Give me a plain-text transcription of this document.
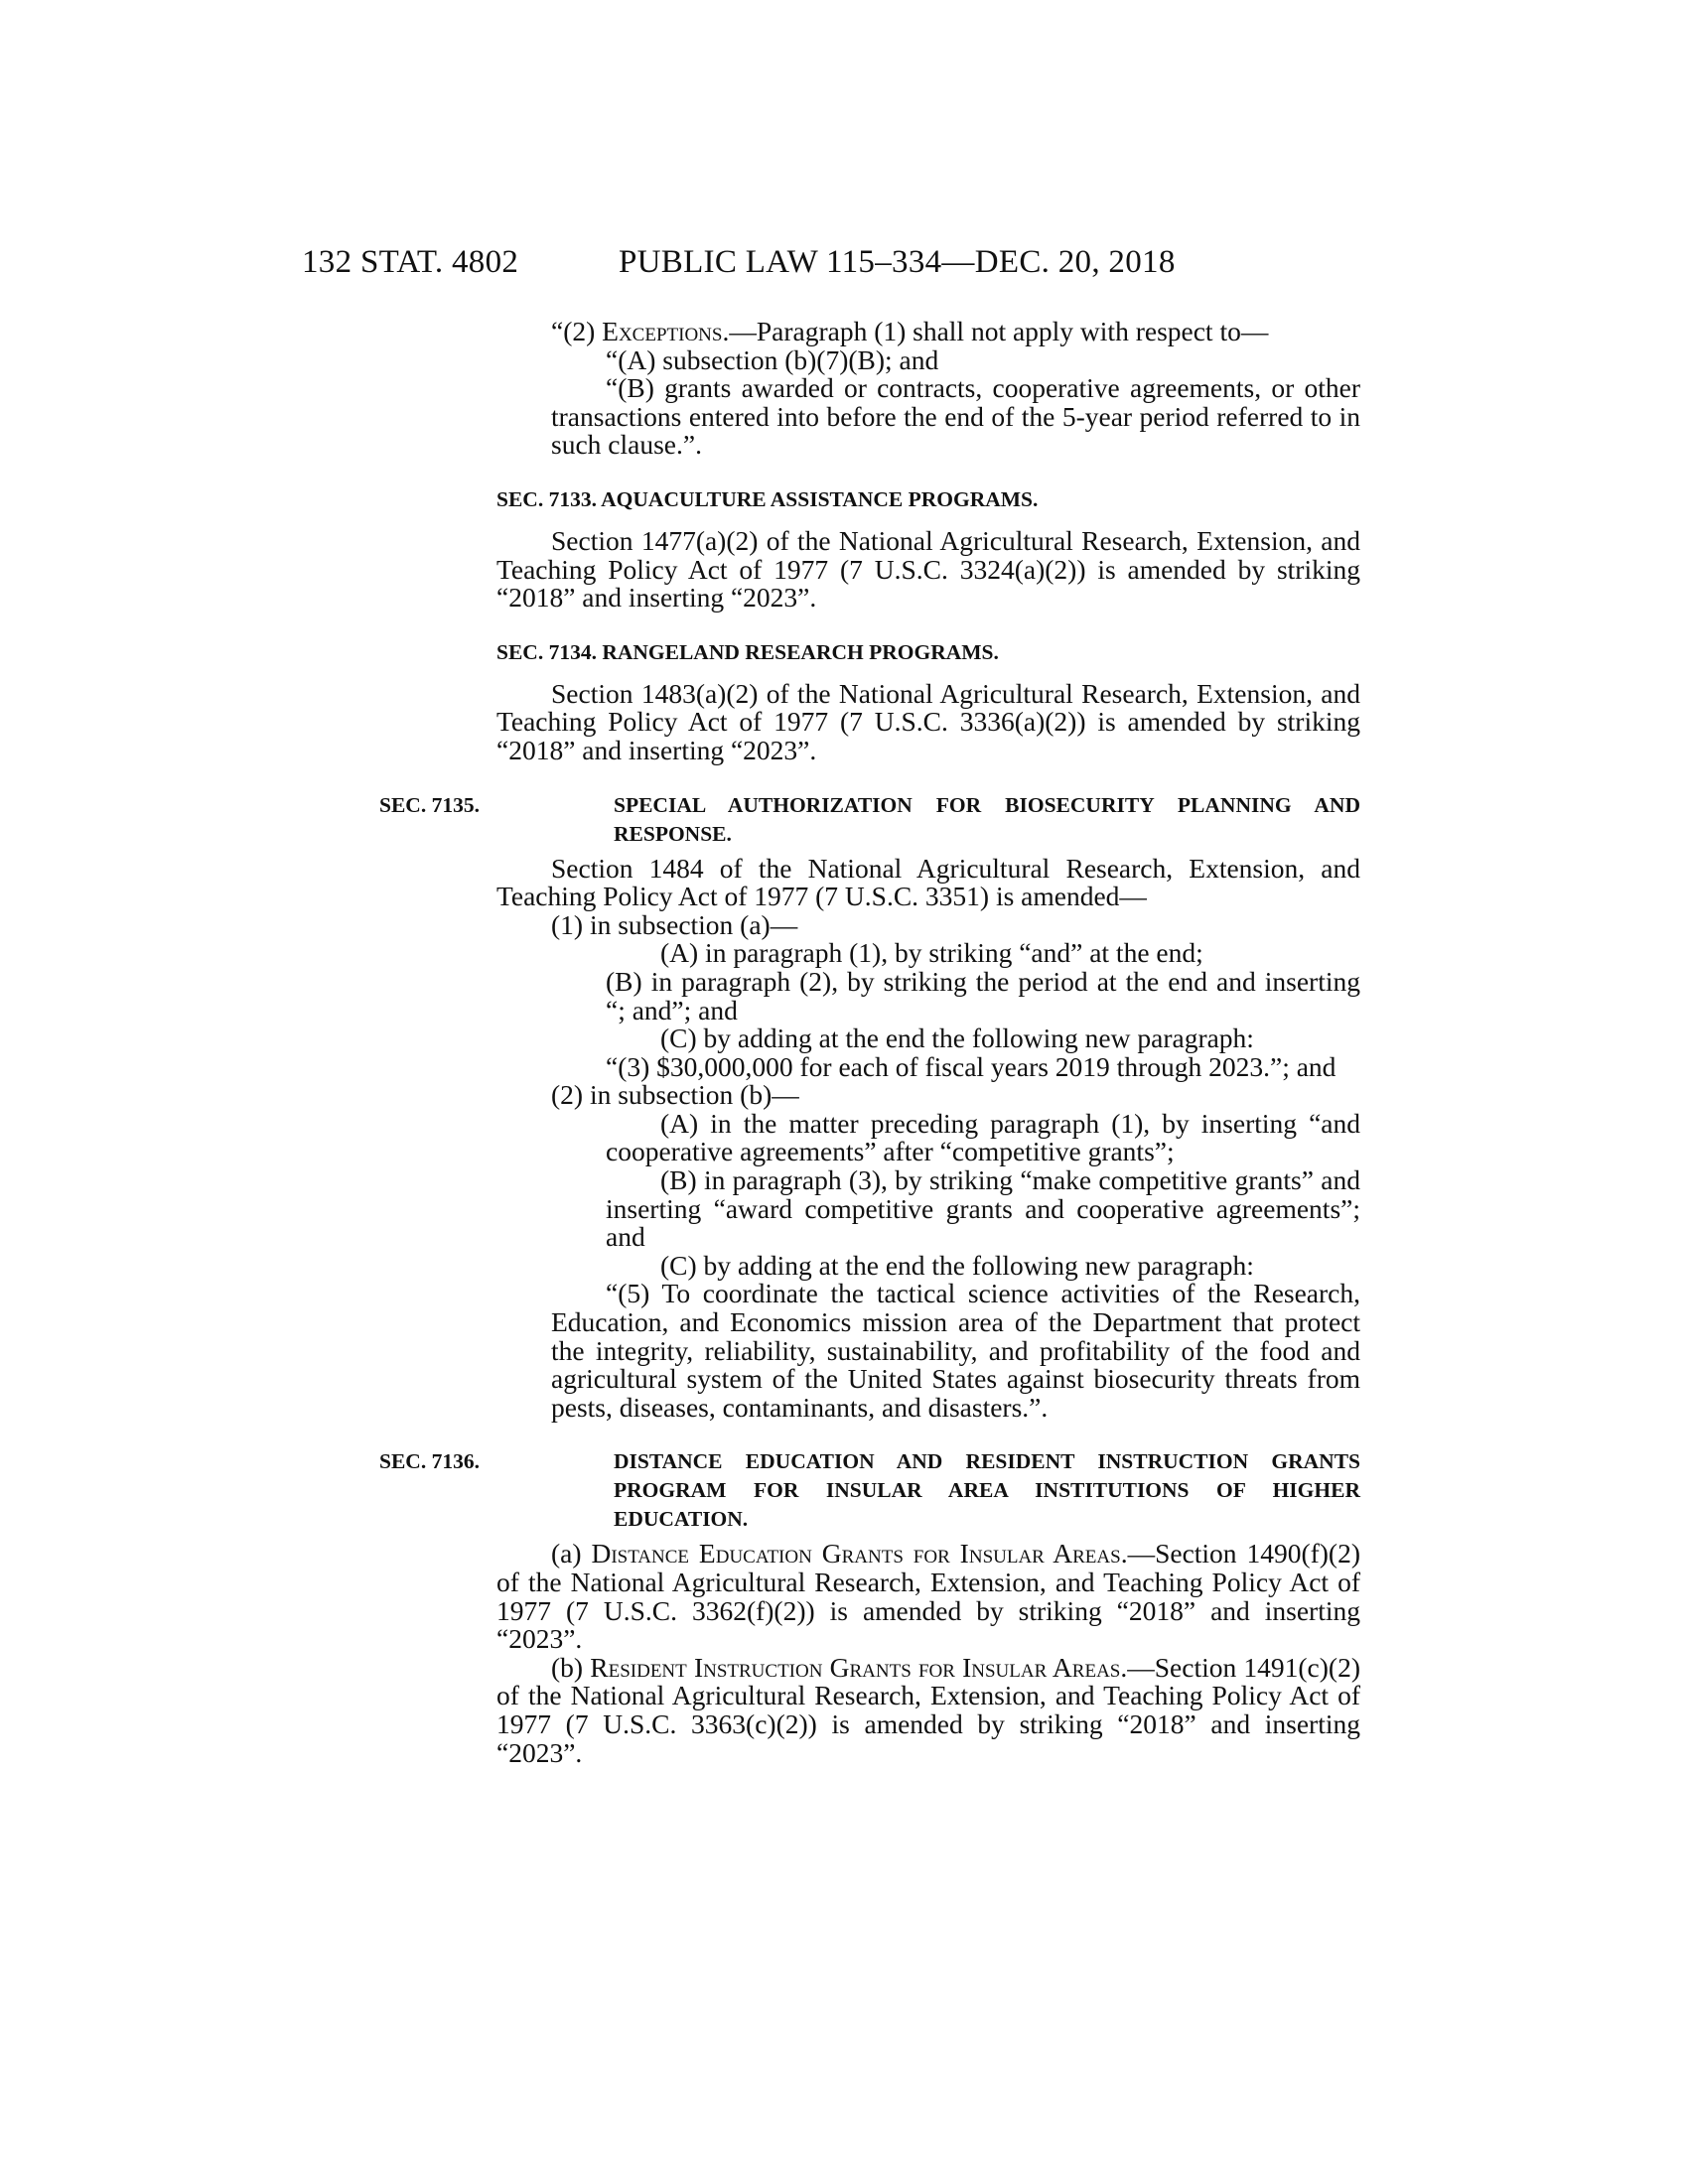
132 STAT. 4802	PUBLIC LAW 115–334—DEC. 20, 2018

“(2) Exceptions.—Paragraph (1) shall not apply with respect to—

“(A) subsection (b)(7)(B); and

“(B) grants awarded or contracts, cooperative agreements, or other transactions entered into before the end of the 5-year period referred to in such clause.”.

SEC. 7133. AQUACULTURE ASSISTANCE PROGRAMS.

Section 1477(a)(2) of the National Agricultural Research, Extension, and Teaching Policy Act of 1977 (7 U.S.C. 3324(a)(2)) is amended by striking “2018” and inserting “2023”.

SEC. 7134. RANGELAND RESEARCH PROGRAMS.

Section 1483(a)(2) of the National Agricultural Research, Extension, and Teaching Policy Act of 1977 (7 U.S.C. 3336(a)(2)) is amended by striking “2018” and inserting “2023”.

SEC. 7135.	SPECIAL AUTHORIZATION FOR BIOSECURITY PLANNING AND RESPONSE.

Section 1484 of the National Agricultural Research, Extension, and Teaching Policy Act of 1977 (7 U.S.C. 3351) is amended—

(1) in subsection (a)—

(A) in paragraph (1), by striking “and” at the end;

(B) in paragraph (2), by striking the period at the end and inserting “; and”; and

(C) by adding at the end the following new paragraph:

“(3) $30,000,000 for each of fiscal years 2019 through 2023.”; and

(2) in subsection (b)—

(A) in the matter preceding paragraph (1), by inserting “and cooperative agreements” after “competitive grants”;

(B) in paragraph (3), by striking “make competitive grants” and inserting “award competitive grants and cooperative agreements”; and

(C) by adding at the end the following new paragraph:

“(5) To coordinate the tactical science activities of the Research, Education, and Economics mission area of the Department that protect the integrity, reliability, sustainability, and profitability of the food and agricultural system of the United States against biosecurity threats from pests, diseases, contaminants, and disasters.”.

SEC. 7136.	DISTANCE EDUCATION AND RESIDENT INSTRUCTION GRANTS PROGRAM FOR INSULAR AREA INSTITUTIONS OF HIGHER EDUCATION.

(a) Distance Education Grants for Insular Areas.—Section 1490(f)(2) of the National Agricultural Research, Extension, and Teaching Policy Act of 1977 (7 U.S.C. 3362(f)(2)) is amended by striking “2018” and inserting “2023”.

(b) Resident Instruction Grants for Insular Areas.—Section 1491(c)(2) of the National Agricultural Research, Extension, and Teaching Policy Act of 1977 (7 U.S.C. 3363(c)(2)) is amended by striking “2018” and inserting “2023”.
